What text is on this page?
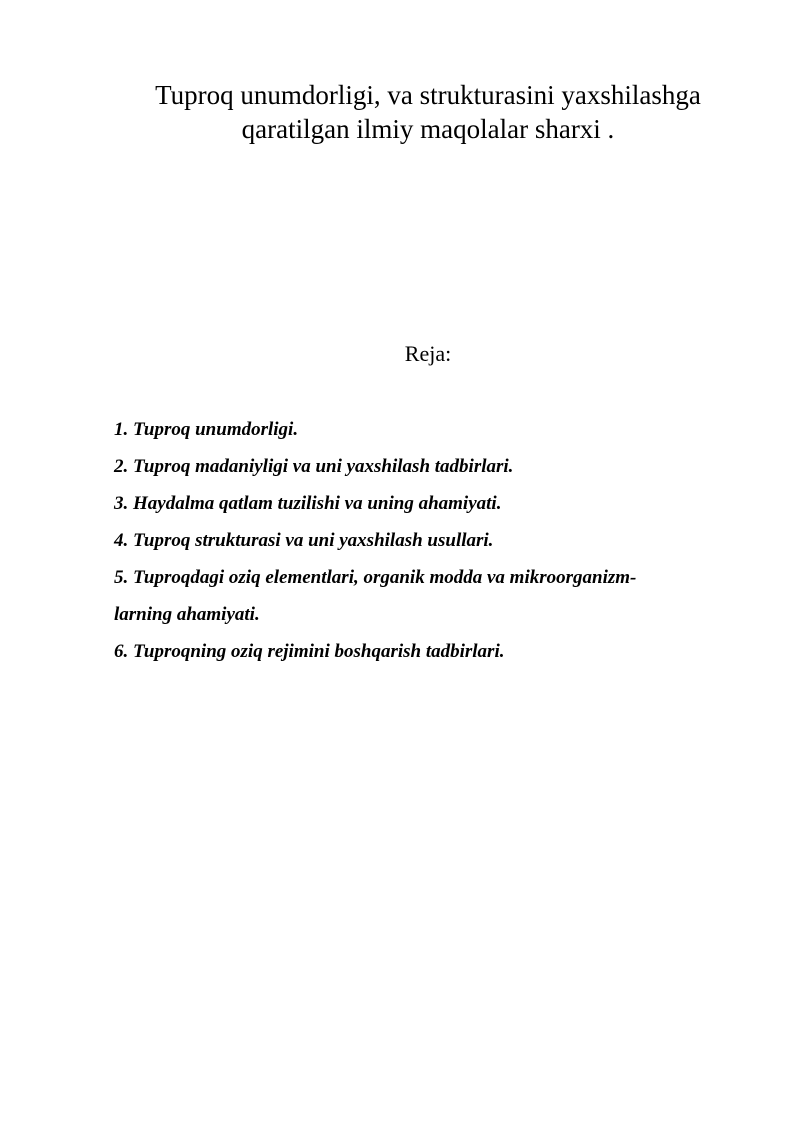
Tuproq unumdorligi, va strukturasini yaxshilashga
qaratilgan ilmiy maqolalar sharxi .
Reja:
1. Tuproq unumdorligi.
2. Tuproq madaniyligi va uni yaxshilash tadbirlari.
3. Haydalma qatlam tuzilishi va uning ahamiyati.
4. Tuproq strukturasi va uni yaxshilash usullari.
5. Tuproqdagi oziq elementlari, organik modda va mikroorganizm-
larning ahamiyati.
6. Tuproqning oziq rejimini boshqarish tadbirlari.
